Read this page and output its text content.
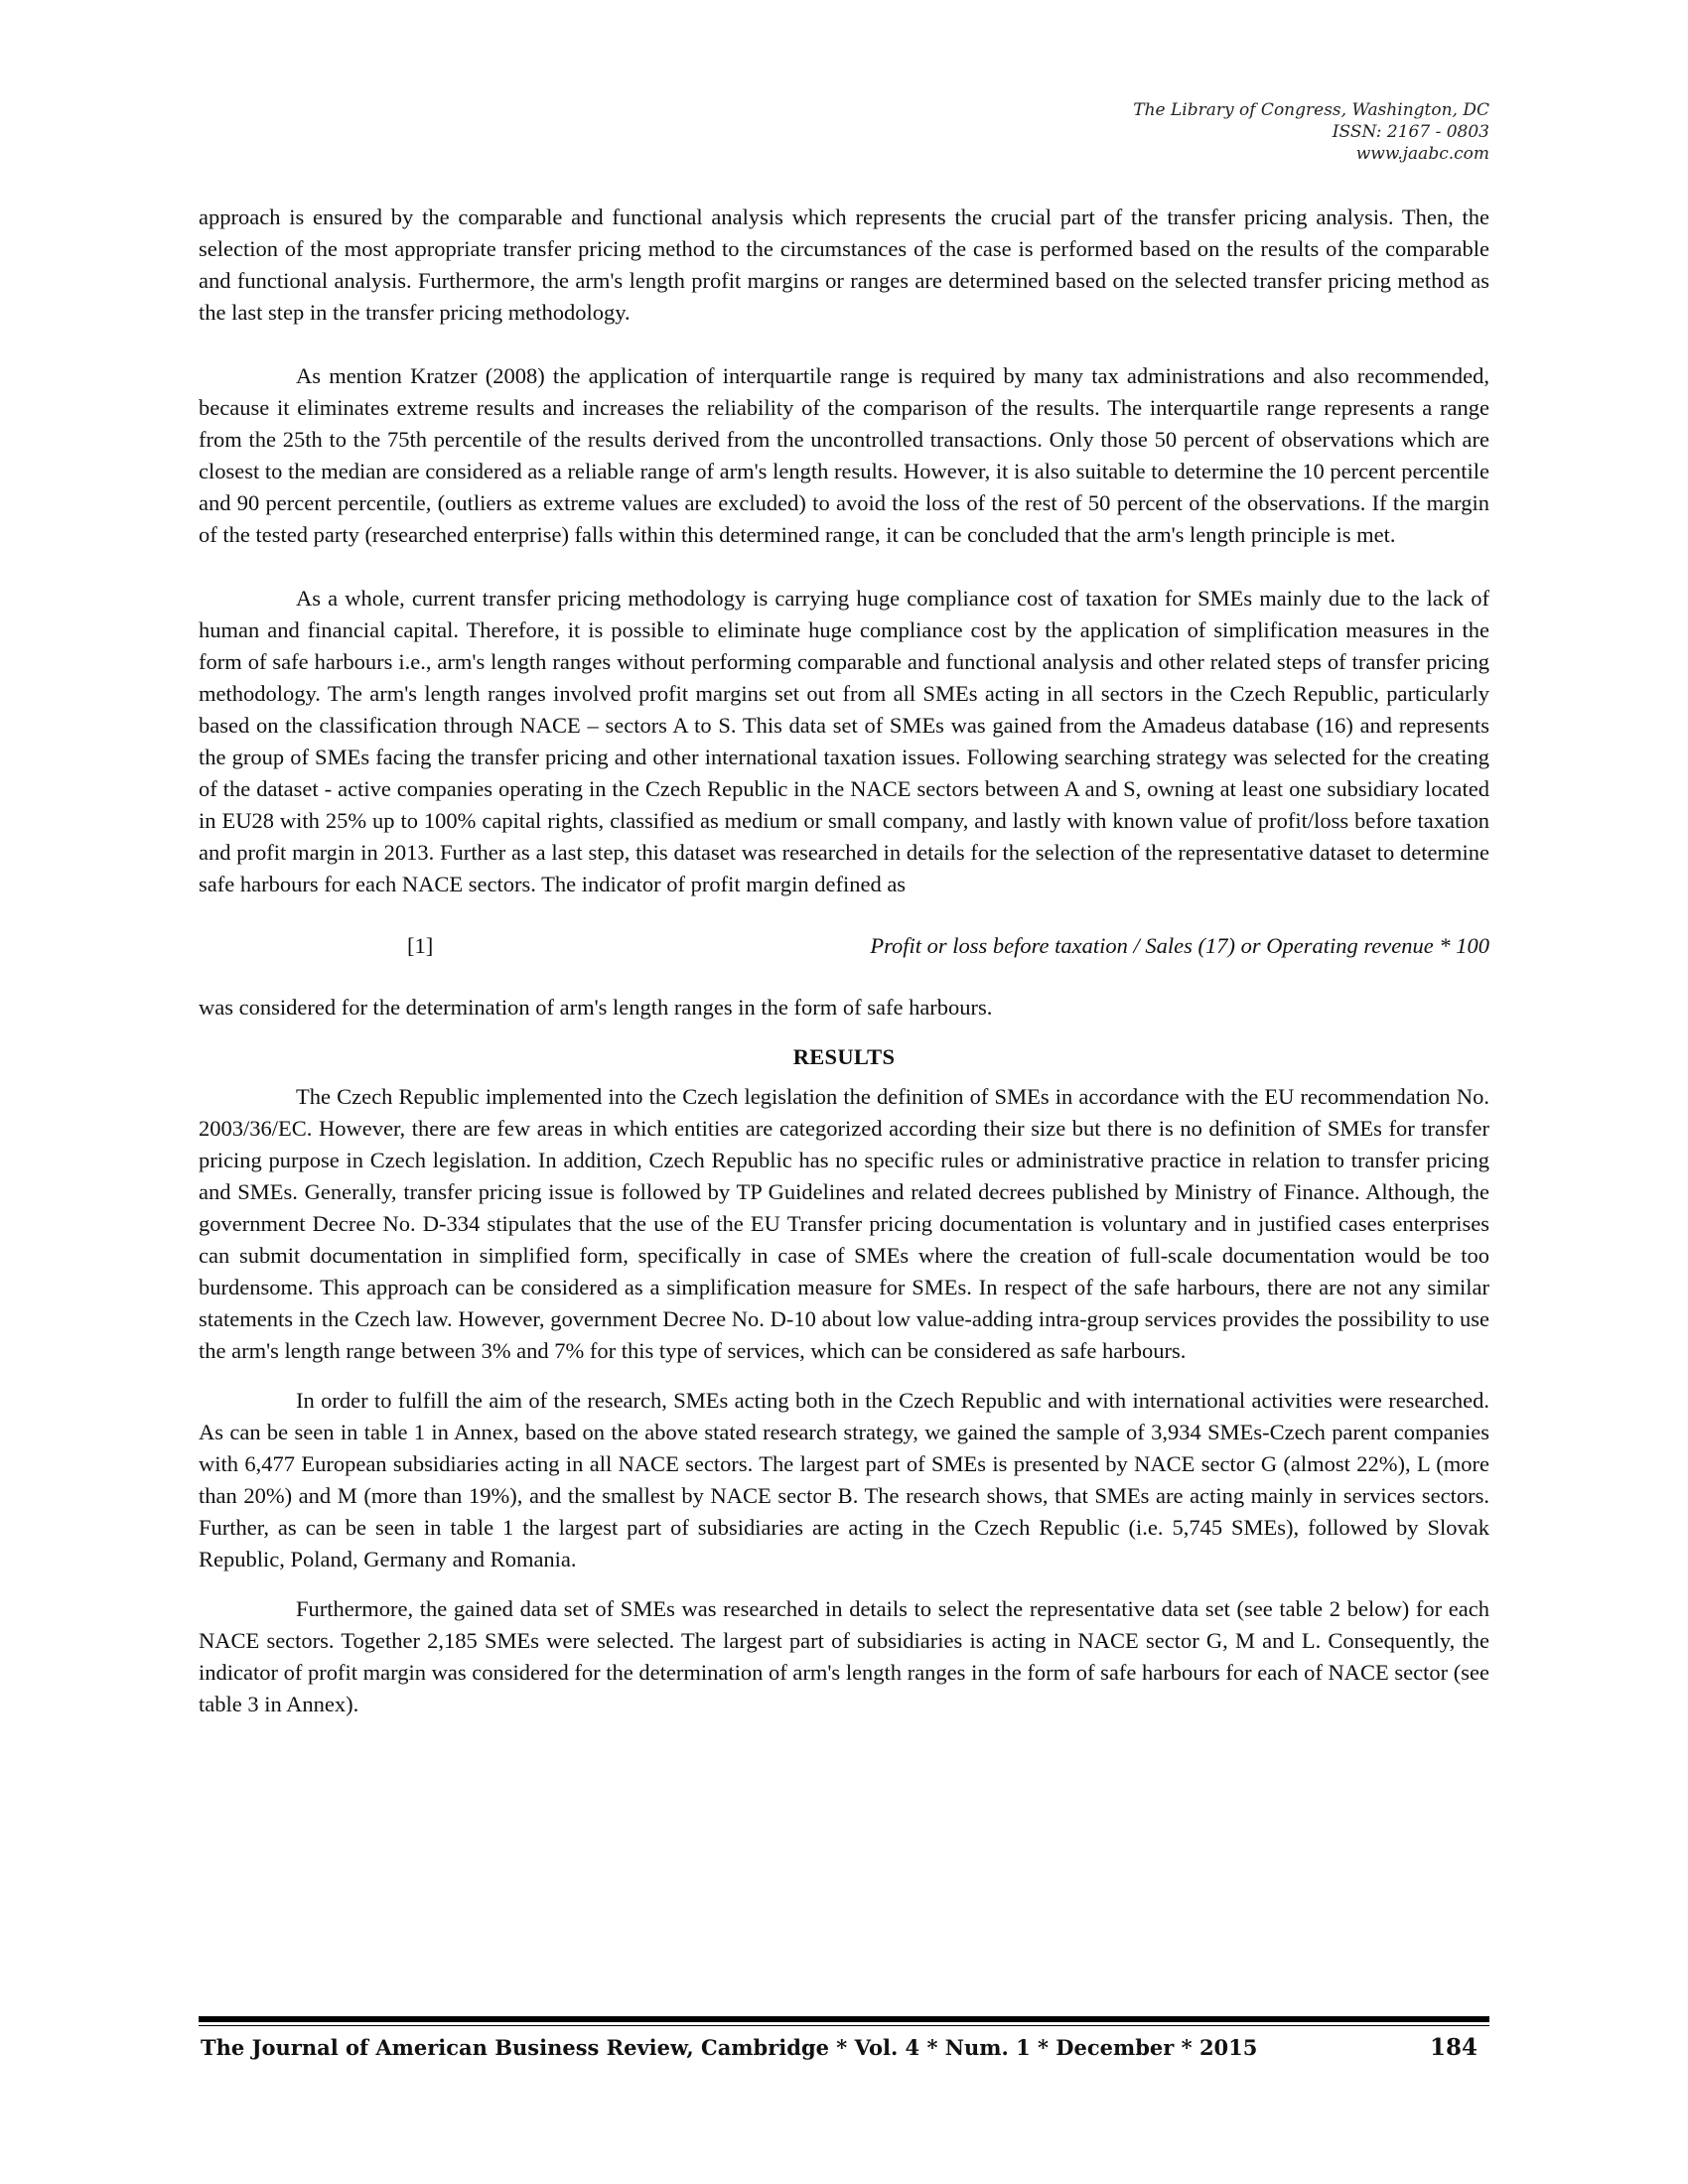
The Library of Congress, Washington, DC
ISSN: 2167 - 0803
www.jaabc.com

approach is ensured by the comparable and functional analysis which represents the crucial part of the transfer pricing analysis. Then, the selection of the most appropriate transfer pricing method to the circumstances of the case is performed based on the results of the comparable and functional analysis. Furthermore, the arm's length profit margins or ranges are determined based on the selected transfer pricing method as the last step in the transfer pricing methodology.

As mention Kratzer (2008) the application of interquartile range is required by many tax administrations and also recommended, because it eliminates extreme results and increases the reliability of the comparison of the results. The interquartile range represents a range from the 25th to the 75th percentile of the results derived from the uncontrolled transactions. Only those 50 percent of observations which are closest to the median are considered as a reliable range of arm's length results. However, it is also suitable to determine the 10 percent percentile and 90 percent percentile, (outliers as extreme values are excluded) to avoid the loss of the rest of 50 percent of the observations. If the margin of the tested party (researched enterprise) falls within this determined range, it can be concluded that the arm's length principle is met.

As a whole, current transfer pricing methodology is carrying huge compliance cost of taxation for SMEs mainly due to the lack of human and financial capital. Therefore, it is possible to eliminate huge compliance cost by the application of simplification measures in the form of safe harbours i.e., arm's length ranges without performing comparable and functional analysis and other related steps of transfer pricing methodology. The arm's length ranges involved profit margins set out from all SMEs acting in all sectors in the Czech Republic, particularly based on the classification through NACE – sectors A to S. This data set of SMEs was gained from the Amadeus database (16) and represents the group of SMEs facing the transfer pricing and other international taxation issues. Following searching strategy was selected for the creating of the dataset - active companies operating in the Czech Republic in the NACE sectors between A and S, owning at least one subsidiary located in EU28 with 25% up to 100% capital rights, classified as medium or small company, and lastly with known value of profit/loss before taxation and profit margin in 2013. Further as a last step, this dataset was researched in details for the selection of the representative dataset to determine safe harbours for each NACE sectors. The indicator of profit margin defined as

[1]	Profit or loss before taxation / Sales (17) or Operating revenue * 100

was considered for the determination of arm's length ranges in the form of safe harbours.

RESULTS

The Czech Republic implemented into the Czech legislation the definition of SMEs in accordance with the EU recommendation No. 2003/36/EC. However, there are few areas in which entities are categorized according their size but there is no definition of SMEs for transfer pricing purpose in Czech legislation. In addition, Czech Republic has no specific rules or administrative practice in relation to transfer pricing and SMEs. Generally, transfer pricing issue is followed by TP Guidelines and related decrees published by Ministry of Finance. Although, the government Decree No. D-334 stipulates that the use of the EU Transfer pricing documentation is voluntary and in justified cases enterprises can submit documentation in simplified form, specifically in case of SMEs where the creation of full-scale documentation would be too burdensome. This approach can be considered as a simplification measure for SMEs. In respect of the safe harbours, there are not any similar statements in the Czech law. However, government Decree No. D-10 about low value-adding intra-group services provides the possibility to use the arm's length range between 3% and 7% for this type of services, which can be considered as safe harbours.

In order to fulfill the aim of the research, SMEs acting both in the Czech Republic and with international activities were researched. As can be seen in table 1 in Annex, based on the above stated research strategy, we gained the sample of 3,934 SMEs-Czech parent companies with 6,477 European subsidiaries acting in all NACE sectors. The largest part of SMEs is presented by NACE sector G (almost 22%), L (more than 20%) and M (more than 19%), and the smallest by NACE sector B. The research shows, that SMEs are acting mainly in services sectors. Further, as can be seen in table 1 the largest part of subsidiaries are acting in the Czech Republic (i.e. 5,745 SMEs), followed by Slovak Republic, Poland, Germany and Romania.

Furthermore, the gained data set of SMEs was researched in details to select the representative data set (see table 2 below) for each NACE sectors. Together 2,185 SMEs were selected. The largest part of subsidiaries is acting in NACE sector G, M and L. Consequently, the indicator of profit margin was considered for the determination of arm's length ranges in the form of safe harbours for each of NACE sector (see table 3 in Annex).

The Journal of American Business Review, Cambridge * Vol. 4 * Num. 1 * December * 2015	184
